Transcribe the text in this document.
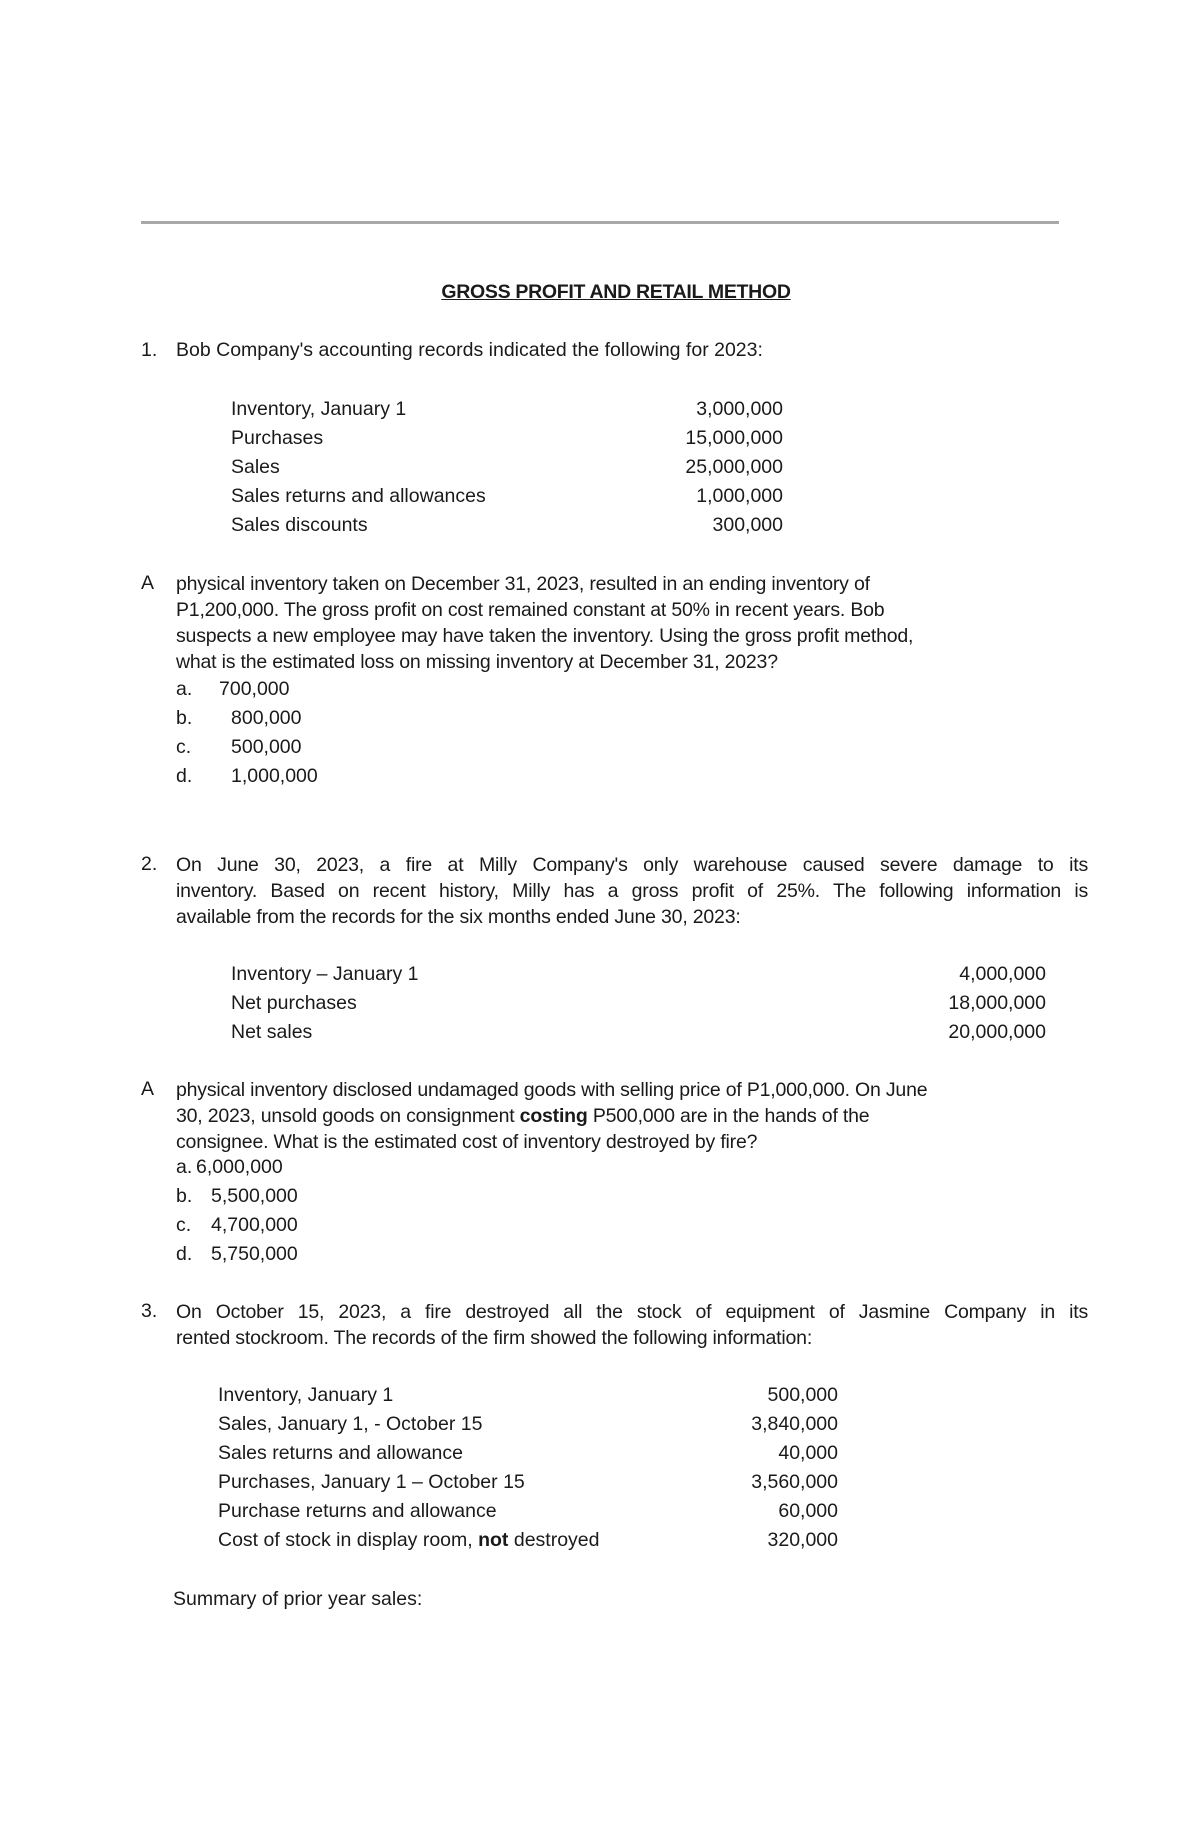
GROSS PROFIT AND RETAIL METHOD
1. Bob Company's accounting records indicated the following for 2023:
Inventory, January 1	3,000,000
Purchases	15,000,000
Sales	25,000,000
Sales returns and allowances	1,000,000
Sales discounts	300,000
A physical inventory taken on December 31, 2023, resulted in an ending inventory of
P1,200,000. The gross profit on cost remained constant at 50% in recent years. Bob
suspects a new employee may have taken the inventory. Using the gross profit method,
what is the estimated loss on missing inventory at December 31, 2023?
a. 700,000
b. 800,000
c. 500,000
d. 1,000,000
2. On June 30, 2023, a fire at Milly Company's only warehouse caused severe damage to its
inventory. Based on recent history, Milly has a gross profit of 25%. The following information is
available from the records for the six months ended June 30, 2023:
Inventory – January 1	4,000,000
Net purchases	18,000,000
Net sales	20,000,000
A physical inventory disclosed undamaged goods with selling price of P1,000,000. On June
30, 2023, unsold goods on consignment costing P500,000 are in the hands of the
consignee. What is the estimated cost of inventory destroyed by fire?
a. 6,000,000
b. 5,500,000
c. 4,700,000
d. 5,750,000
3. On October 15, 2023, a fire destroyed all the stock of equipment of Jasmine Company in its
rented stockroom. The records of the firm showed the following information:
Inventory, January 1	500,000
Sales, January 1, - October 15	3,840,000
Sales returns and allowance	40,000
Purchases, January 1 – October 15	3,560,000
Purchase returns and allowance	60,000
Cost of stock in display room, not destroyed	320,000
Summary of prior year sales:
